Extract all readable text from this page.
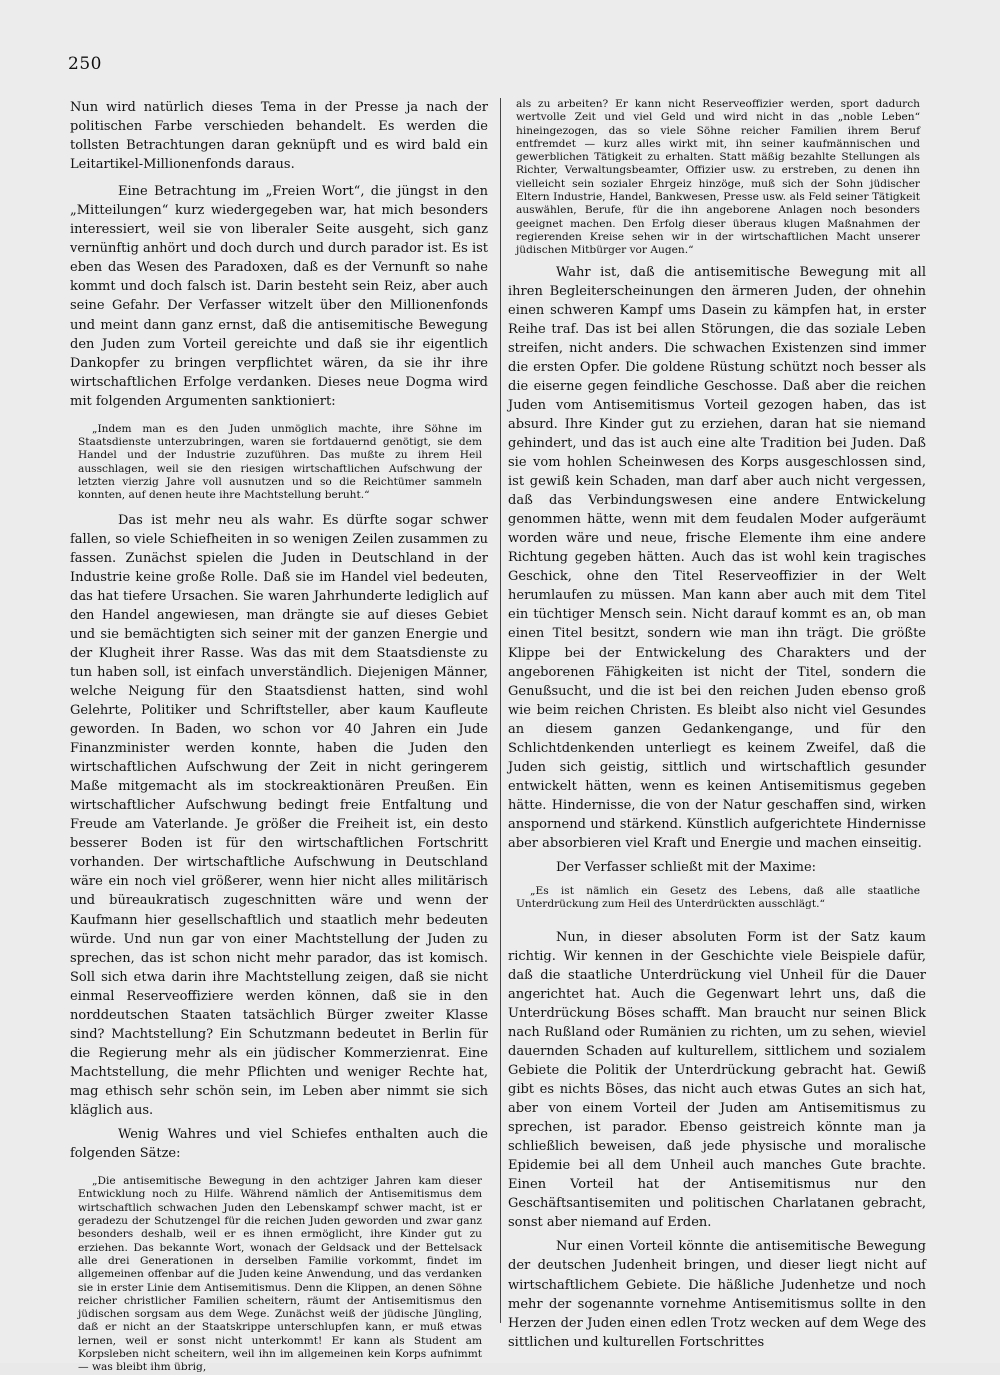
250

Nun wird natürlich dieses Tema in der Presse ja nach der politischen Farbe verschieden behandelt. Es werden die tollsten Betrachtungen daran geknüpft und es wird bald ein Leitartikel-Millionenfonds daraus.

Eine Betrachtung im „Freien Wort“, die jüngst in den „Mitteilungen“ kurz wiedergegeben war, hat mich besonders interessiert, weil sie von liberaler Seite ausgeht, sich ganz vernünftig anhört und doch durch und durch parador ist. Es ist eben das Wesen des Paradoxen, daß es der Vernunft so nahe kommt und doch falsch ist. Darin besteht sein Reiz, aber auch seine Gefahr. Der Verfasser witzelt über den Millionenfonds und meint dann ganz ernst, daß die antisemitische Bewegung den Juden zum Vorteil gereichte und daß sie ihr eigentlich Dankopfer zu bringen verpflichtet wären, da sie ihr ihre wirtschaftlichen Erfolge verdanken. Dieses neue Dogma wird mit folgenden Argumenten sanktioniert:

„Indem man es den Juden unmöglich machte, ihre Söhne im Staatsdienste unterzubringen, waren sie fortdauernd genötigt, sie dem Handel und der Industrie zuzuführen. Das mußte zu ihrem Heil ausschlagen, weil sie den riesigen wirtschaftlichen Aufschwung der letzten vierzig Jahre voll ausnutzen und so die Reichtümer sammeln konnten, auf denen heute ihre Machtstellung beruht.“

Das ist mehr neu als wahr. Es dürfte sogar schwer fallen, so viele Schiefheiten in so wenigen Zeilen zusammen zu fassen. Zunächst spielen die Juden in Deutschland in der Industrie keine große Rolle. Daß sie im Handel viel bedeuten, das hat tiefere Ursachen. Sie waren Jahrhunderte lediglich auf den Handel angewiesen, man drängte sie auf dieses Gebiet und sie bemächtigten sich seiner mit der ganzen Energie und der Klugheit ihrer Rasse. Was das mit dem Staatsdienste zu tun haben soll, ist einfach unverständlich. Diejenigen Männer, welche Neigung für den Staatsdienst hatten, sind wohl Gelehrte, Politiker und Schriftsteller, aber kaum Kaufleute geworden. In Baden, wo schon vor 40 Jahren ein Jude Finanzminister werden konnte, haben die Juden den wirtschaftlichen Aufschwung der Zeit in nicht geringerem Maße mitgemacht als im stockreaktionären Preußen. Ein wirtschaftlicher Aufschwung bedingt freie Entfaltung und Freude am Vaterlande. Je größer die Freiheit ist, ein desto besserer Boden ist für den wirtschaftlichen Fortschritt vorhanden. Der wirtschaftliche Aufschwung in Deutschland wäre ein noch viel größerer, wenn hier nicht alles militärisch und büreaukratisch zugeschnitten wäre und wenn der Kaufmann hier gesellschaftlich und staatlich mehr bedeuten würde. Und nun gar von einer Machtstellung der Juden zu sprechen, das ist schon nicht mehr parador, das ist komisch. Soll sich etwa darin ihre Machtstellung zeigen, daß sie nicht einmal Reserveoffiziere werden können, daß sie in den norddeutschen Staaten tatsächlich Bürger zweiter Klasse sind? Machtstellung? Ein Schutzmann bedeutet in Berlin für die Regierung mehr als ein jüdischer Kommerzienrat. Eine Machtstellung, die mehr Pflichten und weniger Rechte hat, mag ethisch sehr schön sein, im Leben aber nimmt sie sich kläglich aus.

Wenig Wahres und viel Schiefes enthalten auch die folgenden Sätze:

„Die antisemitische Bewegung in den achtziger Jahren kam dieser Entwicklung noch zu Hilfe. Während nämlich der Antisemitismus dem wirtschaftlich schwachen Juden den Lebenskampf schwer macht, ist er geradezu der Schutzengel für die reichen Juden geworden und zwar ganz besonders deshalb, weil er es ihnen ermöglicht, ihre Kinder gut zu erziehen. Das bekannte Wort, wonach der Geldsack und der Bettelsack alle drei Generationen in derselben Familie vorkommt, findet im allgemeinen offenbar auf die Juden keine Anwendung, und das verdanken sie in erster Linie dem Antisemitismus. Denn die Klippen, an denen Söhne reicher christlicher Familien scheitern, räumt der Antisemitismus den jüdischen sorgsam aus dem Wege. Zunächst weiß der jüdische Jüngling, daß er nicht an der Staatskrippe unterschlupfen kann, er muß etwas lernen, weil er sonst nicht unterkommt! Er kann als Student am Korpsleben nicht scheitern, weil ihn im allgemeinen kein Korps aufnimmt — was bleibt ihm übrig,

als zu arbeiten? Er kann nicht Reserveoffizier werden, sport dadurch wertvolle Zeit und viel Geld und wird nicht in das „noble Leben“ hineingezogen, das so viele Söhne reicher Familien ihrem Beruf entfremdet — kurz alles wirkt mit, ihn seiner kaufmännischen und gewerblichen Tätigkeit zu erhalten. Statt mäßig bezahlte Stellungen als Richter, Verwaltungsbeamter, Offizier usw. zu erstreben, zu denen ihn vielleicht sein sozialer Ehrgeiz hinzöge, muß sich der Sohn jüdischer Eltern Industrie, Handel, Bankwesen, Presse usw. als Feld seiner Tätigkeit auswählen, Berufe, für die ihn angeborene Anlagen noch besonders geeignet machen. Den Erfolg dieser überaus klugen Maßnahmen der regierenden Kreise sehen wir in der wirtschaftlichen Macht unserer jüdischen Mitbürger vor Augen.“

Wahr ist, daß die antisemitische Bewegung mit all ihren Begleiterscheinungen den ärmeren Juden, der ohnehin einen schweren Kampf ums Dasein zu kämpfen hat, in erster Reihe traf. Das ist bei allen Störungen, die das soziale Leben streifen, nicht anders. Die schwachen Existenzen sind immer die ersten Opfer. Die goldene Rüstung schützt noch besser als die eiserne gegen feindliche Geschosse. Daß aber die reichen Juden vom Antisemitismus Vorteil gezogen haben, das ist absurd. Ihre Kinder gut zu erziehen, daran hat sie niemand gehindert, und das ist auch eine alte Tradition bei Juden. Daß sie vom hohlen Scheinwesen des Korps ausgeschlossen sind, ist gewiß kein Schaden, man darf aber auch nicht vergessen, daß das Verbindungswesen eine andere Entwickelung genommen hätte, wenn mit dem feudalen Moder aufgeräumt worden wäre und neue, frische Elemente ihm eine andere Richtung gegeben hätten. Auch das ist wohl kein tragisches Geschick, ohne den Titel Reserveoffizier in der Welt herumlaufen zu müssen. Man kann aber auch mit dem Titel ein tüchtiger Mensch sein. Nicht darauf kommt es an, ob man einen Titel besitzt, sondern wie man ihn trägt. Die größte Klippe bei der Entwickelung des Charakters und der angeborenen Fähigkeiten ist nicht der Titel, sondern die Genußsucht, und die ist bei den reichen Juden ebenso groß wie beim reichen Christen. Es bleibt also nicht viel Gesundes an diesem ganzen Gedankengange, und für den Schlichtdenkenden unterliegt es keinem Zweifel, daß die Juden sich geistig, sittlich und wirtschaftlich gesunder entwickelt hätten, wenn es keinen Antisemitismus gegeben hätte. Hindernisse, die von der Natur geschaffen sind, wirken anspornend und stärkend. Künstlich aufgerichtete Hindernisse aber absorbieren viel Kraft und Energie und machen einseitig.

Der Verfasser schließt mit der Maxime:

„Es ist nämlich ein Gesetz des Lebens, daß alle staatliche Unterdrückung zum Heil des Unterdrückten ausschlägt.“

Nun, in dieser absoluten Form ist der Satz kaum richtig. Wir kennen in der Geschichte viele Beispiele dafür, daß die staatliche Unterdrückung viel Unheil für die Dauer angerichtet hat. Auch die Gegenwart lehrt uns, daß die Unterdrückung Böses schafft. Man braucht nur seinen Blick nach Rußland oder Rumänien zu richten, um zu sehen, wieviel dauernden Schaden auf kulturellem, sittlichem und sozialem Gebiete die Politik der Unterdrückung gebracht hat. Gewiß gibt es nichts Böses, das nicht auch etwas Gutes an sich hat, aber von einem Vorteil der Juden am Antisemitismus zu sprechen, ist parador. Ebenso geistreich könnte man ja schließlich beweisen, daß jede physische und moralische Epidemie bei all dem Unheil auch manches Gute brachte. Einen Vorteil hat der Antisemitismus nur den Geschäftsantisemiten und politischen Charlatanen gebracht, sonst aber niemand auf Erden.

Nur einen Vorteil könnte die antisemitische Bewegung der deutschen Judenheit bringen, und dieser liegt nicht auf wirtschaftlichem Gebiete. Die häßliche Judenhetze und noch mehr der sogenannte vornehme Antisemitismus sollte in den Herzen der Juden einen edlen Trotz wecken auf dem Wege des sittlichen und kulturellen Fortschrittes
